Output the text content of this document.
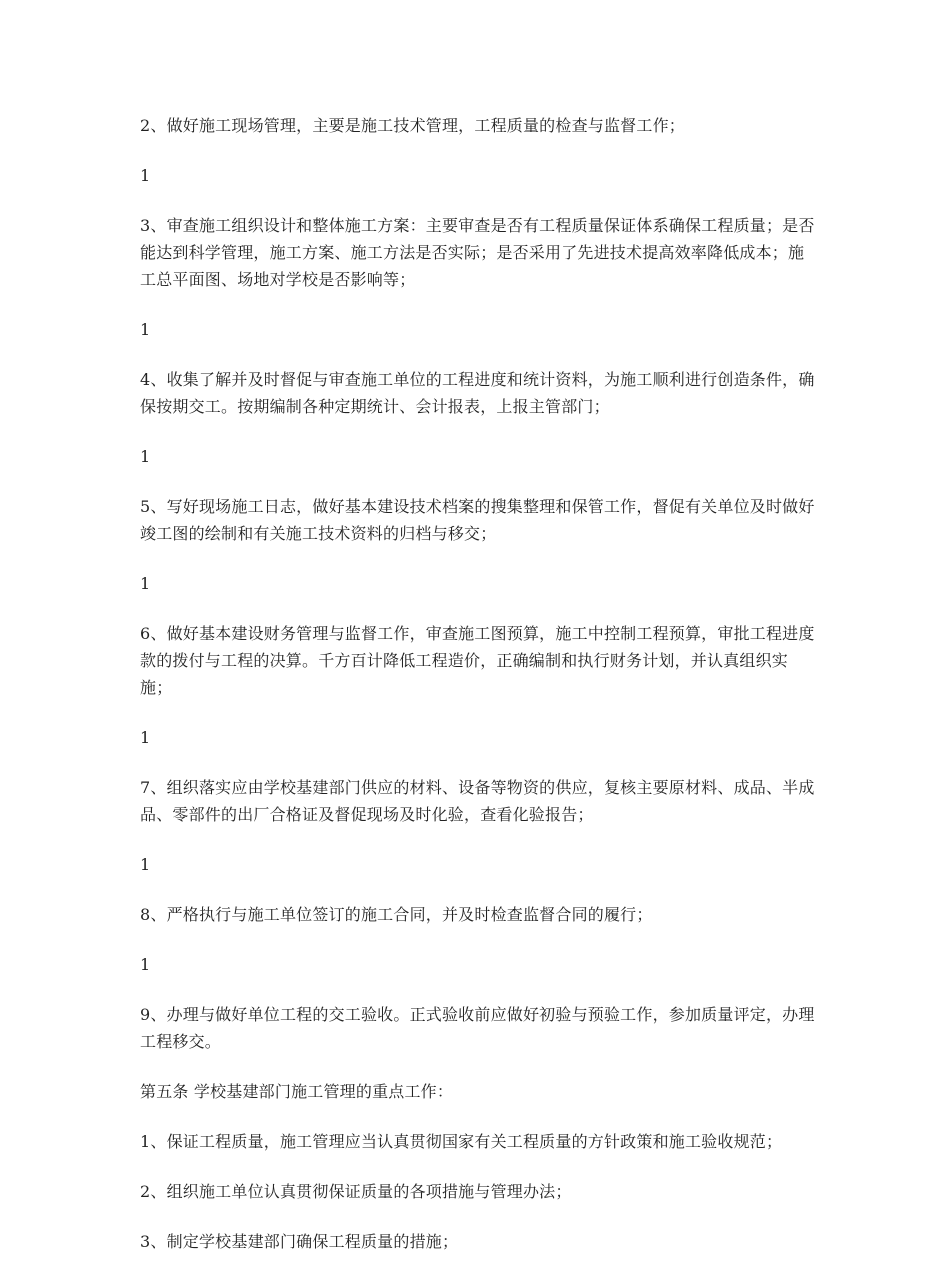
2、做好施工现场管理，主要是施工技术管理，工程质量的检查与监督工作；

1

3、审查施工组织设计和整体施工方案：主要审查是否有工程质量保证体系确保工程质量；是否能达到科学管理，施工方案、施工方法是否实际；是否采用了先进技术提高效率降低成本；施工总平面图、场地对学校是否影响等；

1

4、收集了解并及时督促与审查施工单位的工程进度和统计资料，为施工顺利进行创造条件，确保按期交工。按期编制各种定期统计、会计报表，上报主管部门；

1

5、写好现场施工日志，做好基本建设技术档案的搜集整理和保管工作，督促有关单位及时做好竣工图的绘制和有关施工技术资料的归档与移交；

1

6、做好基本建设财务管理与监督工作，审查施工图预算，施工中控制工程预算，审批工程进度款的拨付与工程的决算。千方百计降低工程造价，正确编制和执行财务计划，并认真组织实施；

1

7、组织落实应由学校基建部门供应的材料、设备等物资的供应，复核主要原材料、成品、半成品、零部件的出厂合格证及督促现场及时化验，查看化验报告；

1

8、严格执行与施工单位签订的施工合同，并及时检查监督合同的履行；

1

9、办理与做好单位工程的交工验收。正式验收前应做好初验与预验工作，参加质量评定，办理工程移交。

第五条 学校基建部门施工管理的重点工作：

1、保证工程质量，施工管理应当认真贯彻国家有关工程质量的方针政策和施工验收规范；

2、组织施工单位认真贯彻保证质量的各项措施与管理办法；

3、制定学校基建部门确保工程质量的措施；
